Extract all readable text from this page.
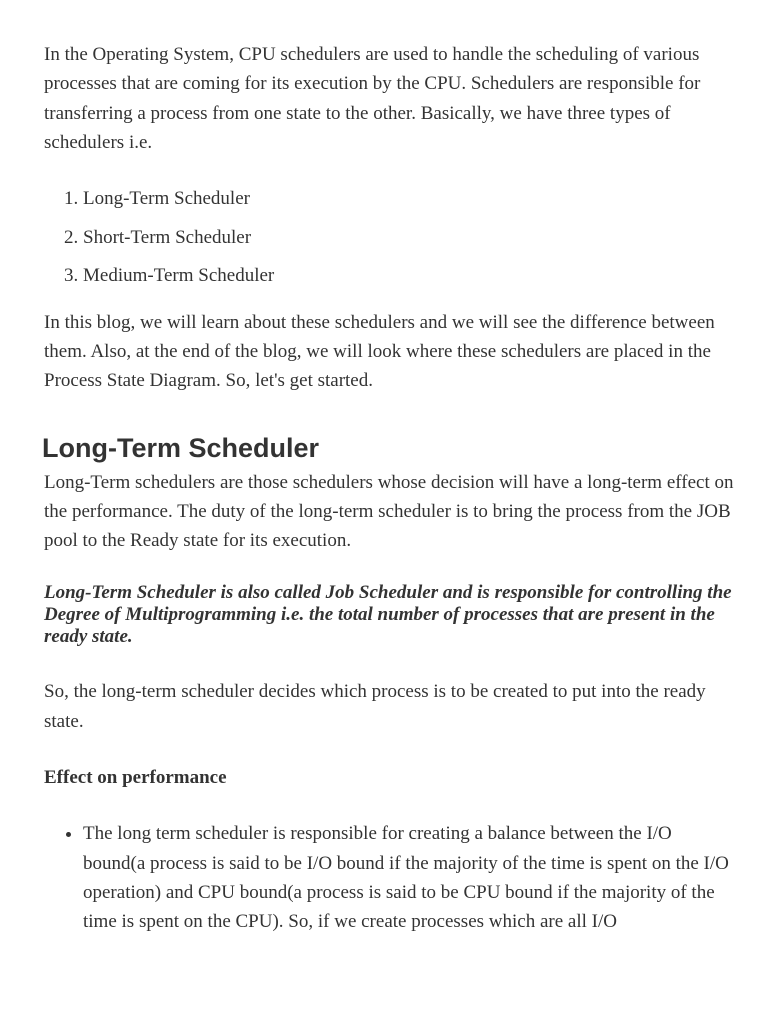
In the Operating System, CPU schedulers are used to handle the scheduling of various processes that are coming for its execution by the CPU. Schedulers are responsible for transferring a process from one state to the other. Basically, we have three types of schedulers i.e.

1. Long-Term Scheduler
2. Short-Term Scheduler
3. Medium-Term Scheduler

In this blog, we will learn about these schedulers and we will see the difference between them. Also, at the end of the blog, we will look where these schedulers are placed in the Process State Diagram. So, let's get started.

Long-Term Scheduler

Long-Term schedulers are those schedulers whose decision will have a long-term effect on the performance. The duty of the long-term scheduler is to bring the process from the JOB pool to the Ready state for its execution.

Long-Term Scheduler is also called Job Scheduler and is responsible for controlling the Degree of Multiprogramming i.e. the total number of processes that are present in the ready state.

So, the long-term scheduler decides which process is to be created to put into the ready state.

Effect on performance

• The long term scheduler is responsible for creating a balance between the I/O bound(a process is said to be I/O bound if the majority of the time is spent on the I/O operation) and CPU bound(a process is said to be CPU bound if the majority of the time is spent on the CPU). So, if we create processes which are all I/O
